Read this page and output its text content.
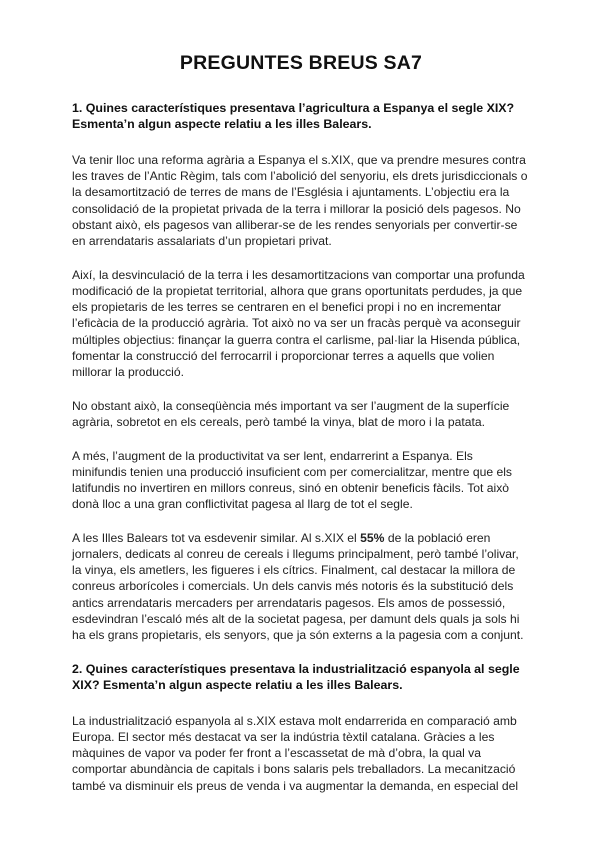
PREGUNTES BREUS SA7

1. Quines característiques presentava l’agricultura a Espanya el segle XIX? Esmenta’n algun aspecte relatiu a les illes Balears.

Va tenir lloc una reforma agrària a Espanya el s.XIX, que va prendre mesures contra les traves de l’Antic Règim, tals com l’abolició del senyoriu, els drets jurisdiccionals o la desamortització de terres de mans de l’Església i ajuntaments. L’objectiu era la consolidació de la propietat privada de la terra i millorar la posició dels pagesos. No obstant això, els pagesos van alliberar-se de les rendes senyorials per convertir-se en arrendataris assalariats d’un propietari privat.

Així, la desvinculació de la terra i les desamortitzacions van comportar una profunda modificació de la propietat territorial, alhora que grans oportunitats perdudes, ja que els propietaris de les terres se centraren en el benefici propi i no en incrementar l’eficàcia de la producció agrària. Tot això no va ser un fracàs perquè va aconseguir múltiples objectius: finançar la guerra contra el carlisme, pal·liar la Hisenda pública, fomentar la construcció del ferrocarril i proporcionar terres a aquells que volien millorar la producció.

No obstant això, la conseqüència més important va ser l’augment de la superfície agrària, sobretot en els cereals, però també la vinya, blat de moro i la patata.

A més, l’augment de la productivitat va ser lent, endarrerint a Espanya. Els minifundis tenien una producció insuficient com per comercialitzar, mentre que els latifundis no invertiren en millors conreus, sinó en obtenir beneficis fàcils. Tot això donà lloc a una gran conflictivitat pagesa al llarg de tot el segle.

A les Illes Balears tot va esdevenir similar. Al s.XIX el 55% de la població eren jornalers, dedicats al conreu de cereals i llegums principalment, però també l’olivar, la vinya, els ametlers, les figueres i els cítrics. Finalment, cal destacar la millora de conreus arborícoles i comercials. Un dels canvis més notoris és la substitució dels antics arrendataris mercaders per arrendataris pagesos. Els amos de possessió, esdevindran l’escaló més alt de la societat pagesa, per damunt dels quals ja sols hi ha els grans propietaris, els senyors, que ja són externs a la pagesia com a conjunt.

2. Quines característiques presentava la industrialització espanyola al segle XIX? Esmenta’n algun aspecte relatiu a les illes Balears.

La industrialització espanyola al s.XIX estava molt endarrerida en comparació amb Europa. El sector més destacat va ser la indústria tèxtil catalana. Gràcies a les màquines de vapor va poder fer front a l’escassetat de mà d’obra, la qual va comportar abundància de capitals i bons salaris pels treballadors. La mecanització també va disminuir els preus de venda i va augmentar la demanda, en especial del
